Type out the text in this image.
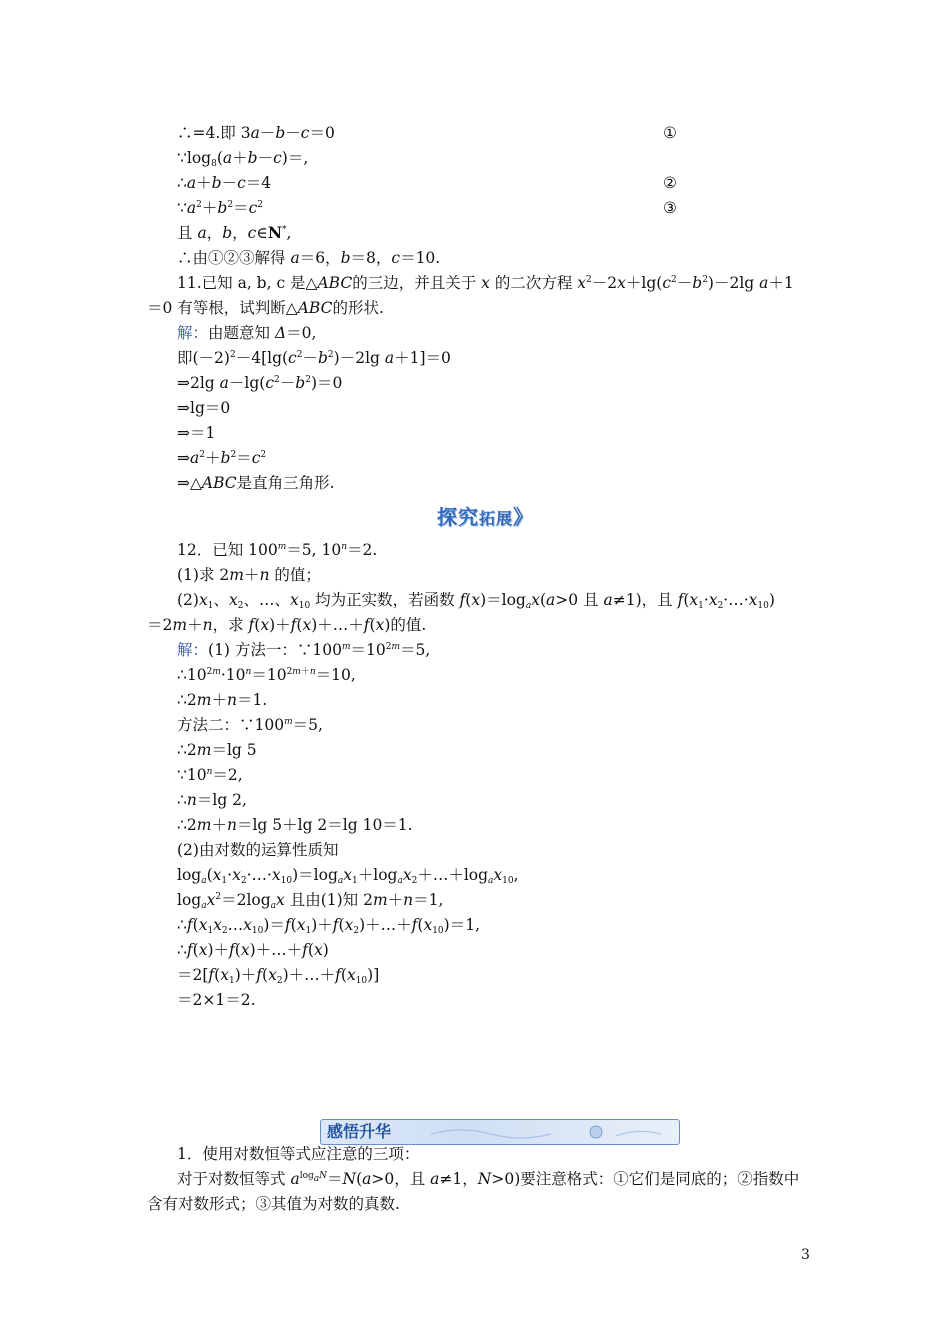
∴=4.即 3a－b－c＝0	①
$\because\log_8(a+b-c)=$,
∴a＋b－c＝4	②
$\because a^2+b^2=c^2$	③
且 a，b，c∈N*,
∴由①②③解得 a＝6，b＝8，c＝10.
11.已知 a, b, c 是△ABC的三边，并且关于 x 的二次方程 $x^2-2x+\lg(c^2-b^2)-2\lg$ a＋1
＝0 有等根，试判断△ABC的形状.
解：由题意知 Δ＝0,
即$(-2)^2-4[\lg(c^2-b^2)-2\lg$ a＋1]＝0
⇒2lg $a-\lg(c^2-b^2)=0$
⇒lg＝0
⇒＝1
$\Rightarrow a^2+b^2=c^2$
⇒△ABC是直角三角形.
探究拓展》
12．已知 $100^m=5$, $10^n=2$.
(1)求 2m＋n 的值；
$(2)x_1$、$x_2$、…、$x_{10}$ 均为正实数，若函数 $f(x)=\log_ax(a>0$ 且 a≠1)，且 $f(x_1\cdot x_2\cdot\dots\cdot x_{10})$
＝2m＋n，求 f(x)＋f(x)＋…＋f(x)的值.
解：(1) 方法一：$\because 100^m=10^{2m}=5$,
$\therefore 10^{2m}\cdot 10^n=10^{2m+n}=10$,
∴2m＋n＝1.
方法二：$\because 100^m=5$,
∴2m＝lg 5
$\because 10^n=2$,
∴n＝lg 2,
∴2m＋n＝lg 5＋lg 2＝lg 10＝1.
(2)由对数的运算性质知
$\log_a(x_1\cdot x_2\cdot\dots\cdot x_{10})=\log_ax_1+\log_ax_2+\dots+\log_ax_{10}$,
$\log_ax^2=2\log_ax$ 且由(1)知 2m＋n＝1,
$\therefore f(x_1x_2\dots x_{10})=f(x_1)+f(x_2)+\dots+f(x_{10})=1$,
∴f(x)＋f(x)＋…＋f(x)
$=2[f(x_1)+f(x_2)+\dots+f(x_{10})]$
＝2×1＝2.
感悟升华
1．使用对数恒等式应注意的三项：
对于对数恒等式 $a^{log_aN}=N(a>0$，且 a≠1，N>0)要注意格式：①它们是同底的；②指数中
含有对数形式；③其值为对数的真数.
3
